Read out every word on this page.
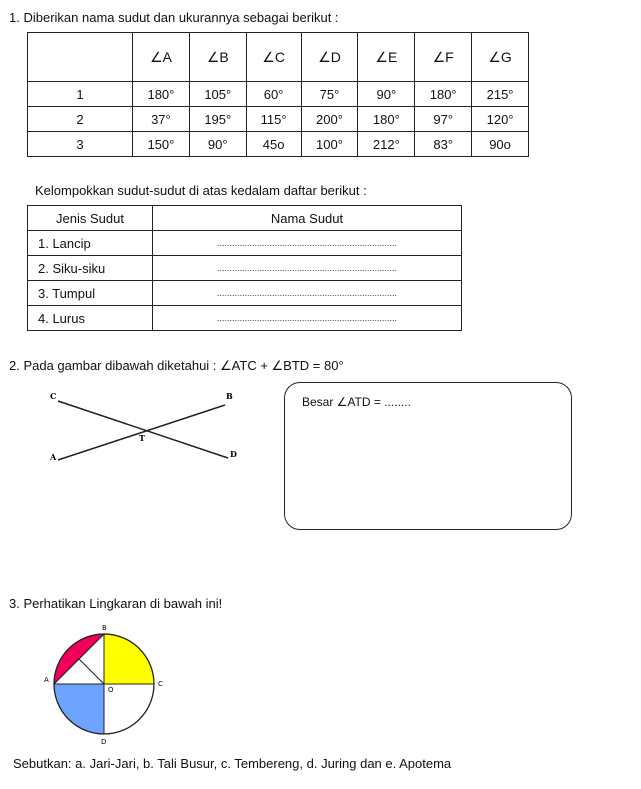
1. Diberikan nama sudut dan ukurannya sebagai berikut :
	∠A	∠B	∠C	∠D	∠E	∠F	∠G
1	180°	105°	60°	75°	90°	180°	215°
2	37°	195°	115°	200°	180°	97°	120°
3	150°	90°	45o	100°	212°	83°	90o
Kelompokkan sudut-sudut di atas kedalam daftar berikut :
Jenis Sudut	Nama Sudut
1. Lancip	........................................................................
2. Siku-siku	........................................................................
3. Tumpul	........................................................................
4. Lurus	........................................................................
2. Pada gambar dibawah diketahui : ∠ATC + ∠BTD = 80°
C	B
T
A	D
Besar ∠ATD = ........
3. Perhatikan Lingkaran di bawah ini!
B
A
O
C
D
Sebutkan: a. Jari-Jari, b. Tali Busur, c. Tembereng, d. Juring dan e. Apotema
